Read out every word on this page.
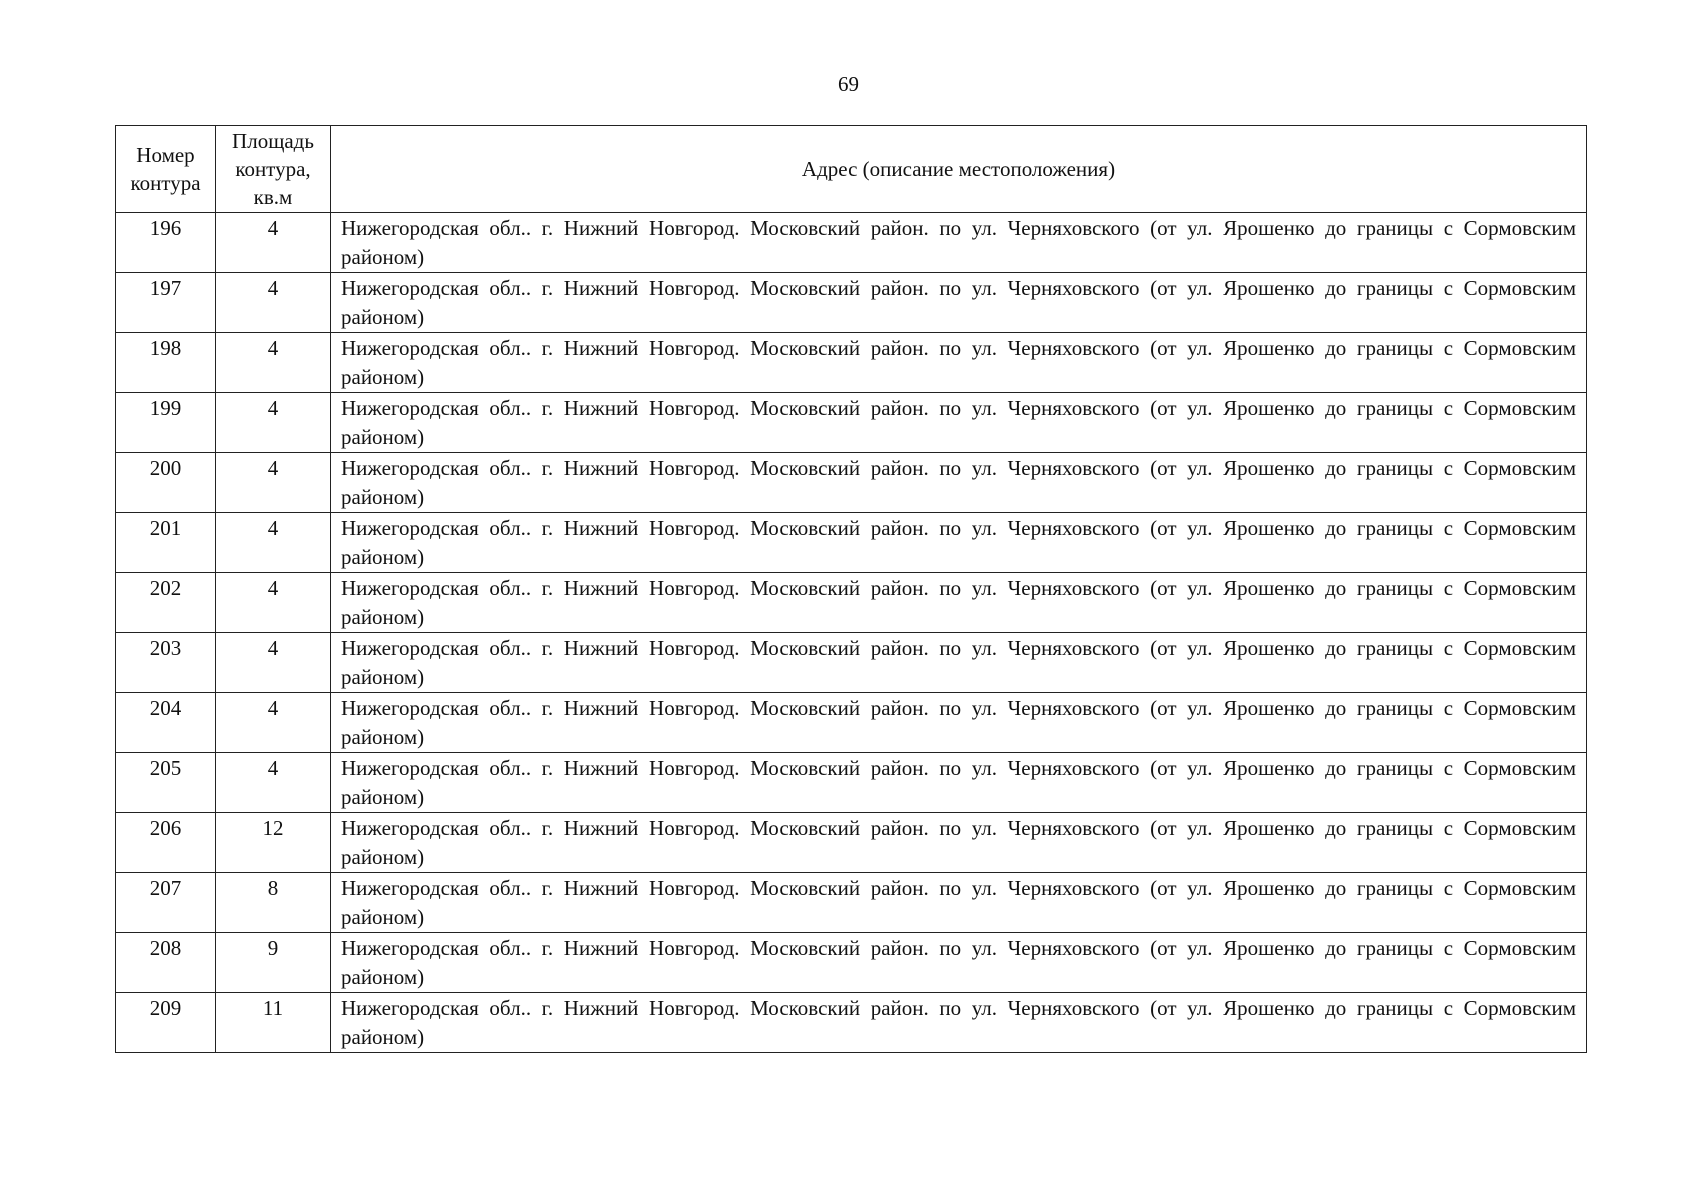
69
Номер контура	Площадь контура, кв.м	Адрес (описание местоположения)
196	4	Нижегородская обл.. г. Нижний Новгород. Московский район. по ул. Черняховского (от ул. Ярошенко до границы с Сормовским районом)
197	4	Нижегородская обл.. г. Нижний Новгород. Московский район. по ул. Черняховского (от ул. Ярошенко до границы с Сормовским районом)
198	4	Нижегородская обл.. г. Нижний Новгород. Московский район. по ул. Черняховского (от ул. Ярошенко до границы с Сормовским районом)
199	4	Нижегородская обл.. г. Нижний Новгород. Московский район. по ул. Черняховского (от ул. Ярошенко до границы с Сормовским районом)
200	4	Нижегородская обл.. г. Нижний Новгород. Московский район. по ул. Черняховского (от ул. Ярошенко до границы с Сормовским районом)
201	4	Нижегородская обл.. г. Нижний Новгород. Московский район. по ул. Черняховского (от ул. Ярошенко до границы с Сормовским районом)
202	4	Нижегородская обл.. г. Нижний Новгород. Московский район. по ул. Черняховского (от ул. Ярошенко до границы с Сормовским районом)
203	4	Нижегородская обл.. г. Нижний Новгород. Московский район. по ул. Черняховского (от ул. Ярошенко до границы с Сормовским районом)
204	4	Нижегородская обл.. г. Нижний Новгород. Московский район. по ул. Черняховского (от ул. Ярошенко до границы с Сормовским районом)
205	4	Нижегородская обл.. г. Нижний Новгород. Московский район. по ул. Черняховского (от ул. Ярошенко до границы с Сормовским районом)
206	12	Нижегородская обл.. г. Нижний Новгород. Московский район. по ул. Черняховского (от ул. Ярошенко до границы с Сормовским районом)
207	8	Нижегородская обл.. г. Нижний Новгород. Московский район. по ул. Черняховского (от ул. Ярошенко до границы с Сормовским районом)
208	9	Нижегородская обл.. г. Нижний Новгород. Московский район. по ул. Черняховского (от ул. Ярошенко до границы с Сормовским районом)
209	11	Нижегородская обл.. г. Нижний Новгород. Московский район. по ул. Черняховского (от ул. Ярошенко до границы с Сормовским районом)
